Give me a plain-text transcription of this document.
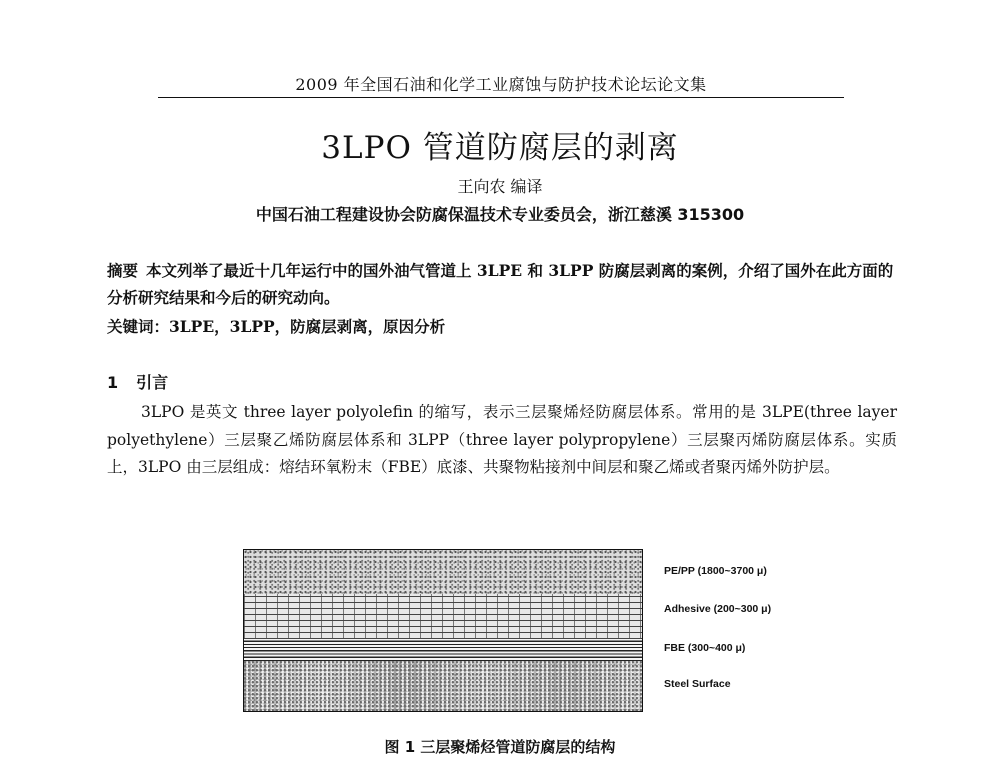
2009 年全国石油和化学工业腐蚀与防护技术论坛论文集
3LPO 管道防腐层的剥离
王向农 编译
中国石油工程建设协会防腐保温技术专业委员会，浙江慈溪 315300
摘要 本文列举了最近十几年运行中的国外油气管道上 3LPE 和 3LPP 防腐层剥离的案例，介绍了国外在此方面的分析研究结果和今后的研究动向。
关键词：3LPE，3LPP，防腐层剥离，原因分析
1 引言
3LPO 是英文 three layer polyolefin 的缩写，表示三层聚烯烃防腐层体系。常用的是 3LPE(three layer polyethylene）三层聚乙烯防腐层体系和 3LPP（three layer polypropylene）三层聚丙烯防腐层体系。实质上，3LPO 由三层组成：熔结环氧粉末（FBE）底漆、共聚物粘接剂中间层和聚乙烯或者聚丙烯外防护层。
PE/PP (1800~3700 μ)
Adhesive (200~300 μ)
FBE (300~400 μ)
Steel Surface
图 1 三层聚烯烃管道防腐层的结构
